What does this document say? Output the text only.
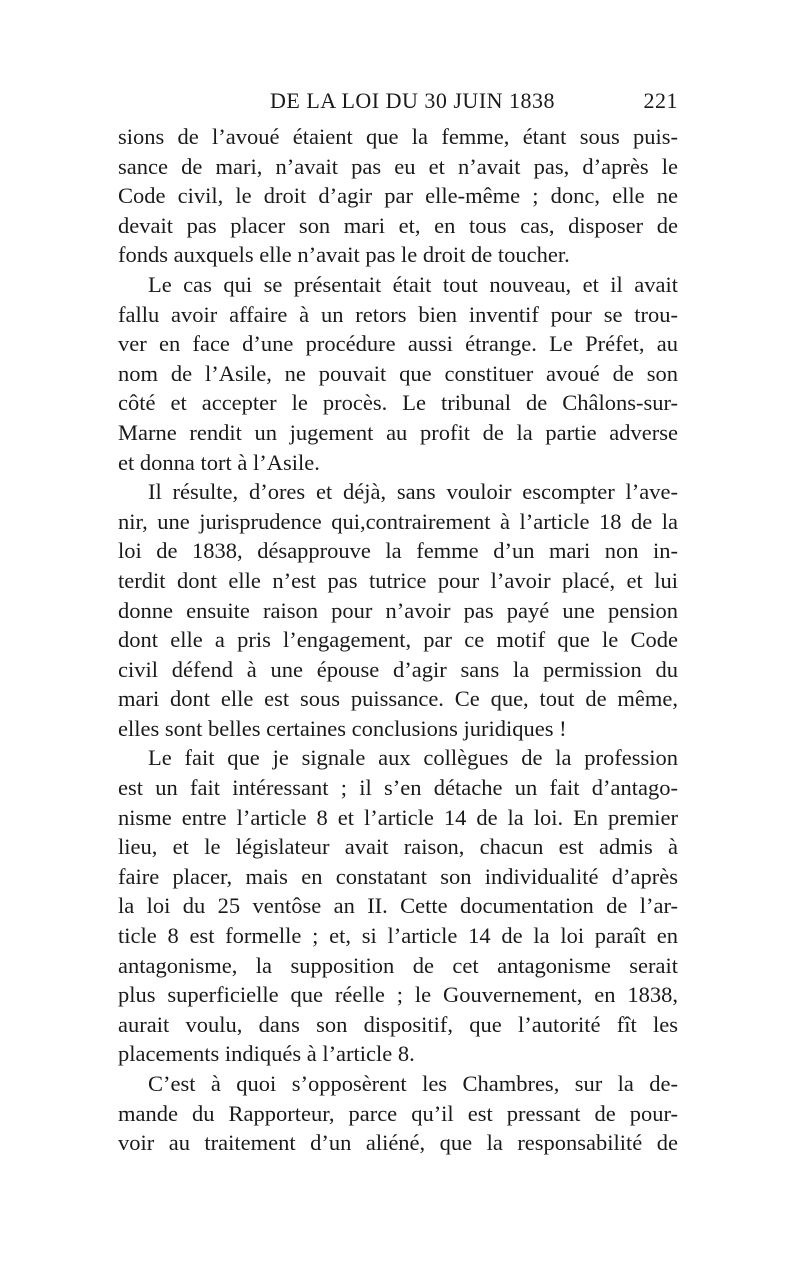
DE LA LOI DU 30 JUIN 1838	221
sions de l’avoué étaient que la femme, étant sous puis-
sance de mari, n’avait pas eu et n’avait pas, d’après le
Code civil, le droit d’agir par elle-même ; donc, elle ne
devait pas placer son mari et, en tous cas, disposer de
fonds auxquels elle n’avait pas le droit de toucher.
Le cas qui se présentait était tout nouveau, et il avait
fallu avoir affaire à un retors bien inventif pour se trou-
ver en face d’une procédure aussi étrange. Le Préfet, au
nom de l’Asile, ne pouvait que constituer avoué de son
côté et accepter le procès. Le tribunal de Châlons-sur-
Marne rendit un jugement au profit de la partie adverse
et donna tort à l’Asile.
Il résulte, d’ores et déjà, sans vouloir escompter l’ave-
nir, une jurisprudence qui,contrairement à l’article 18 de la
loi de 1838, désapprouve la femme d’un mari non in-
terdit dont elle n’est pas tutrice pour l’avoir placé, et lui
donne ensuite raison pour n’avoir pas payé une pension
dont elle a pris l’engagement, par ce motif que le Code
civil défend à une épouse d’agir sans la permission du
mari dont elle est sous puissance. Ce que, tout de même,
elles sont belles certaines conclusions juridiques !
Le fait que je signale aux collègues de la profession
est un fait intéressant ; il s’en détache un fait d’antago-
nisme entre l’article 8 et l’article 14 de la loi. En premier
lieu, et le législateur avait raison, chacun est admis à
faire placer, mais en constatant son individualité d’après
la loi du 25 ventôse an II. Cette documentation de l’ar-
ticle 8 est formelle ; et, si l’article 14 de la loi paraît en
antagonisme, la supposition de cet antagonisme serait
plus superficielle que réelle ; le Gouvernement, en 1838,
aurait voulu, dans son dispositif, que l’autorité fît les
placements indiqués à l’article 8.
C’est à quoi s’opposèrent les Chambres, sur la de-
mande du Rapporteur, parce qu’il est pressant de pour-
voir au traitement d’un aliéné, que la responsabilité de
